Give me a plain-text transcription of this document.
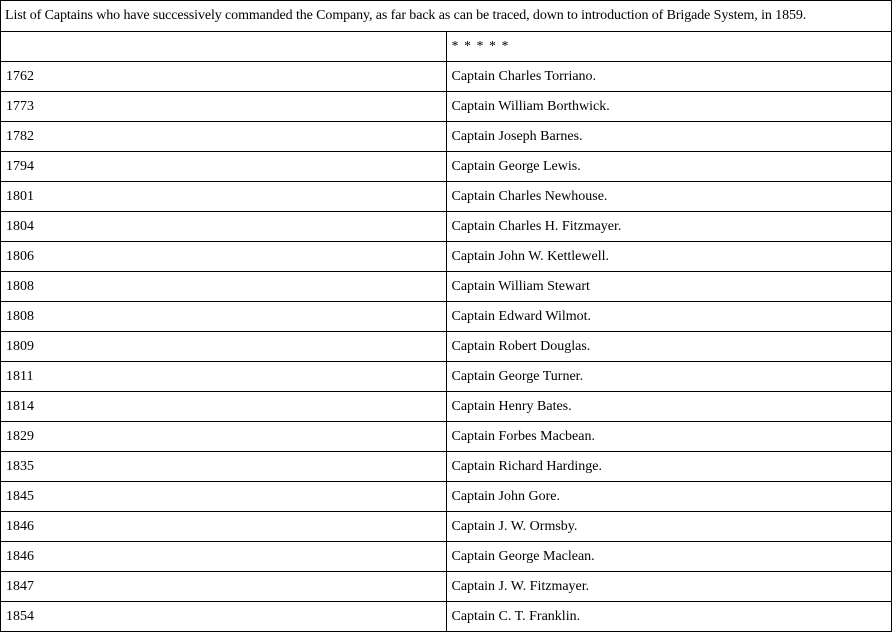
List of Captains who have successively commanded the Company, as far back as can be traced, down to introduction of Brigade System, in 1859.	
	* * * * *
1762	Captain Charles Torriano.
1773	Captain William Borthwick.
1782	Captain Joseph Barnes.
1794	Captain George Lewis.
1801	Captain Charles Newhouse.
1804	Captain Charles H. Fitzmayer.
1806	Captain John W. Kettlewell.
1808	Captain William Stewart
1808	Captain Edward Wilmot.
1809	Captain Robert Douglas.
1811	Captain George Turner.
1814	Captain Henry Bates.
1829	Captain Forbes Macbean.
1835	Captain Richard Hardinge.
1845	Captain John Gore.
1846	Captain J. W. Ormsby.
1846	Captain George Maclean.
1847	Captain J. W. Fitzmayer.
1854	Captain C. T. Franklin.
